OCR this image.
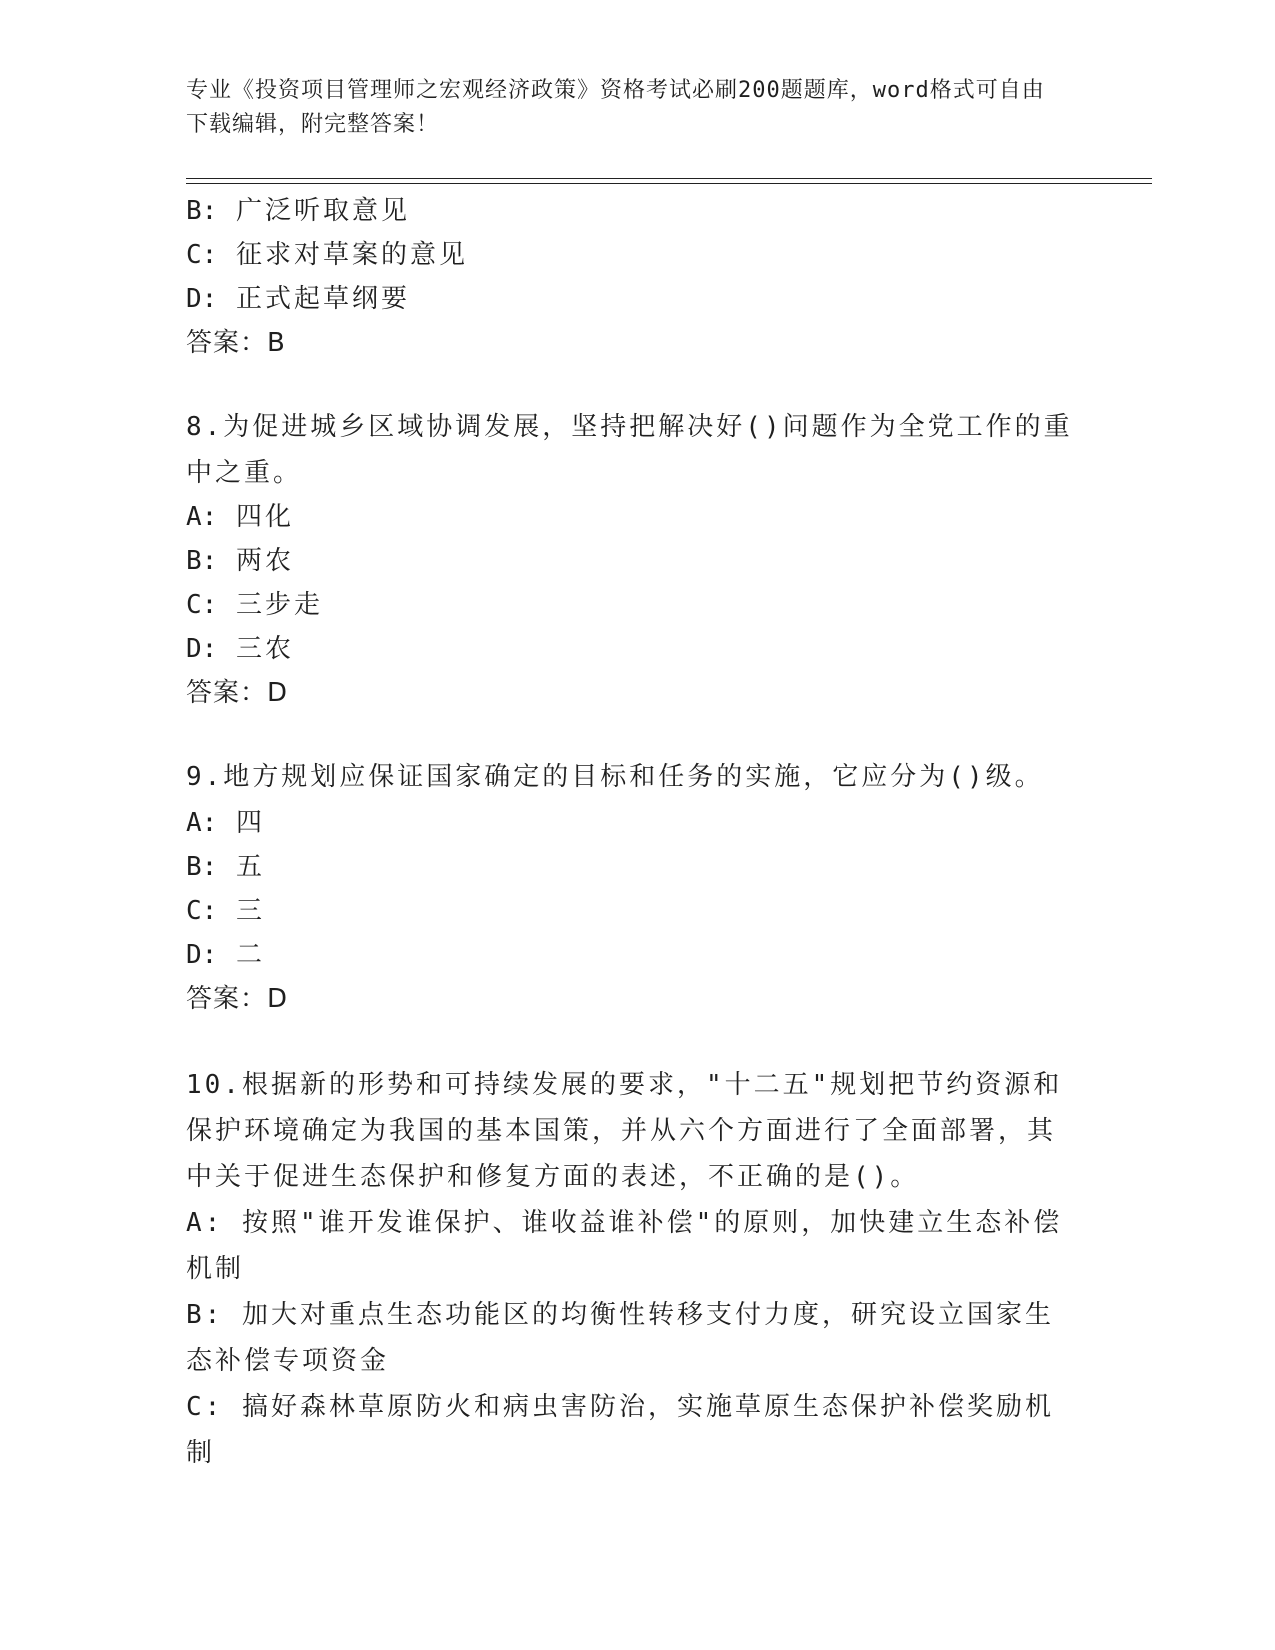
专业《投资项目管理师之宏观经济政策》资格考试必刷200题题库，word格式可自由下载编辑，附完整答案！
B: 广泛听取意见
C: 征求对草案的意见
D: 正式起草纲要
答案：B
8.为促进城乡区域协调发展，坚持把解决好()问题作为全党工作的重中之重。
A: 四化
B: 两农
C: 三步走
D: 三农
答案：D
9.地方规划应保证国家确定的目标和任务的实施，它应分为()级。
A: 四
B: 五
C: 三
D: 二
答案：D
10.根据新的形势和可持续发展的要求，"十二五"规划把节约资源和保护环境确定为我国的基本国策，并从六个方面进行了全面部署，其中关于促进生态保护和修复方面的表述，不正确的是()。
A: 按照"谁开发谁保护、谁收益谁补偿"的原则，加快建立生态补偿机制
B: 加大对重点生态功能区的均衡性转移支付力度，研究设立国家生态补偿专项资金
C: 搞好森林草原防火和病虫害防治，实施草原生态保护补偿奖励机制
